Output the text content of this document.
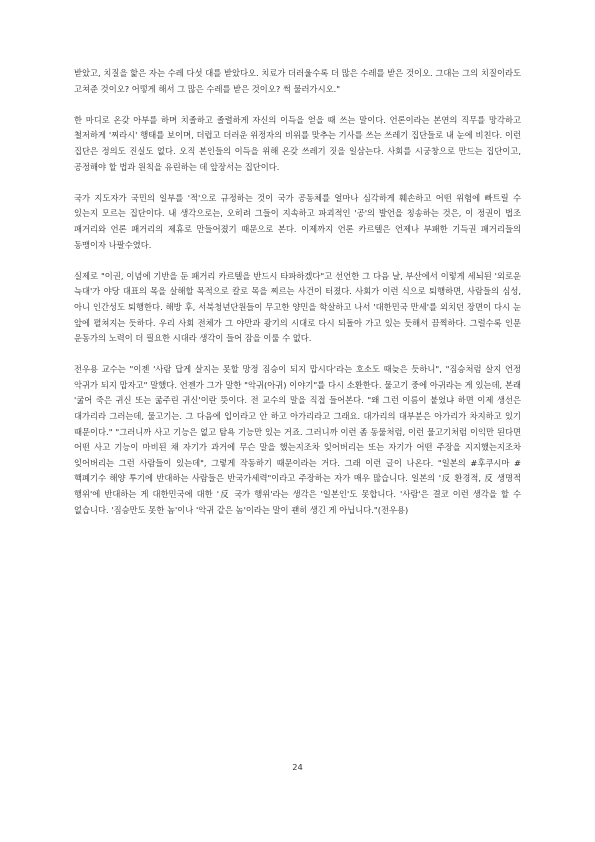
받았고, 치질을 핥은 자는 수레 다섯 대를 받았다오. 치료가 더러울수록 더 많은 수레를 받은 것이오. 그대는 그의 치질이라도 고쳐준 것이오? 어떻게 해서 그 많은 수레를 받은 것이오? 썩 물러가시오."

한 마디로 온갖 아부를 하며 치졸하고 졸렬하게 자신의 이득을 얻을 때 쓰는 말이다. 언론이라는 본연의 직무를 망각하고 철저하게 '찌라시' 행태를 보이며, 더럽고 더러운 위정자의 비위를 맞추는 기사를 쓰는 쓰레기 집단들로 내 눈에 비친다. 이런 집단은 정의도 진실도 없다. 오직 본인들의 이득을 위해 온갖 쓰레기 짓을 일삼는다. 사회를 시궁창으로 만드는 집단이고, 공정해야 할 법과 원칙을 유린하는 데 앞장서는 집단이다.

국가 지도자가 국민의 일부를 '적'으로 규정하는 것이 국가 공동체를 얼마나 심각하게 훼손하고 어떤 위험에 빠트릴 수 있는지 모르는 집단이다. 내 생각으로는, 오히려 그들이 지속하고 파괴적인 '공'의 발언을 칭송하는 것은, 이 정권이 법조 패거리와 언론 패거리의 제휴로 만들어졌기 때문으로 본다. 이제까지 언론 카르텔은 언제나 부패한 기득권 패거리들의 동맹이자 나팔수였다.

실제로 "이권, 이념에 기반을 둔 패거리 카르텔을 반드시 타파하겠다"고 선언한 그 다음 날, 부산에서 이렇게 세뇌된 '외로운 늑대'가 야당 대표의 목을 살해할 목적으로 칼로 목을 찌르는 사건이 터졌다. 사회가 이런 식으로 퇴행하면, 사람들의 심성, 아니 인간성도 퇴행한다. 해방 후, 서북청년단원들이 무고한 양민을 학살하고 나서 '대한민국 만세'를 외치던 장면이 다시 눈 앞에 펼쳐지는 듯하다. 우리 사회 전체가 그 야만과 광기의 시대로 다시 되돌아 가고 있는 듯해서 끔찍하다. 그럴수록 인문 운동가의 노력이 더 필요한 시대라 생각이 들어 잠을 이룰 수 없다.

전우용 교수는 "이젠 '사람 답게 살지는 못할 망정 짐승이 되지 맙시다'라는 호소도 때늦은 듯하니", "짐승처럼 살지 언정 악귀가 되지 맙자고" 말했다. 언젠가 그가 말한 "악귀(아귀) 이야기"를 다시 소환한다. 물고기 중에 아귀라는 게 있는데, 본래 '굶어 죽은 귀신 또는 굶주린 귀신'이란 뜻이다. 전 교수의 말을 직접 들어본다. "왜 그런 이름이 붙었냐 하면 이제 생선은 대가리라 그러는데, 물고기는. 그 다음에 입이라고 안 하고 아가리라고 그래요. 대가리의 대부분은 아가리가 차지하고 있기 때문이다." "그러니까 사고 기능은 없고 탐욕 기능만 있는 거죠. 그러니까 이런 좀 동물처럼, 이런 물고기처럼 이익만 된다면 어떤 사고 기능이 마비된 채 자기가 과거에 무슨 말을 했는지조차 잊어버리는 또는 자기가 어떤 주장을 지지했는지조차 잊어버리는 그런 사람들이 있는데", 그렇게 작동하기 때문이라는 거다. 그래 이런 글이 나온다. "일본의 #후쿠시마 #핵폐기수 해양 투기에 반대하는 사람들은 반국가세력"이라고 주장하는 자가 매우 많습니다. 일본의 '反 환경적, 反 생명적 행위'에 반대하는 게 대한민국에 대한 '反 국가 행위'라는 생각은 '일본인'도 못합니다. '사람'은 결코 이런 생각을 할 수 없습니다. '짐승만도 못한 놈'이나 '악귀 같은 놈'이라는 말이 괜히 생긴 게 아닙니다."(전우용)

24
